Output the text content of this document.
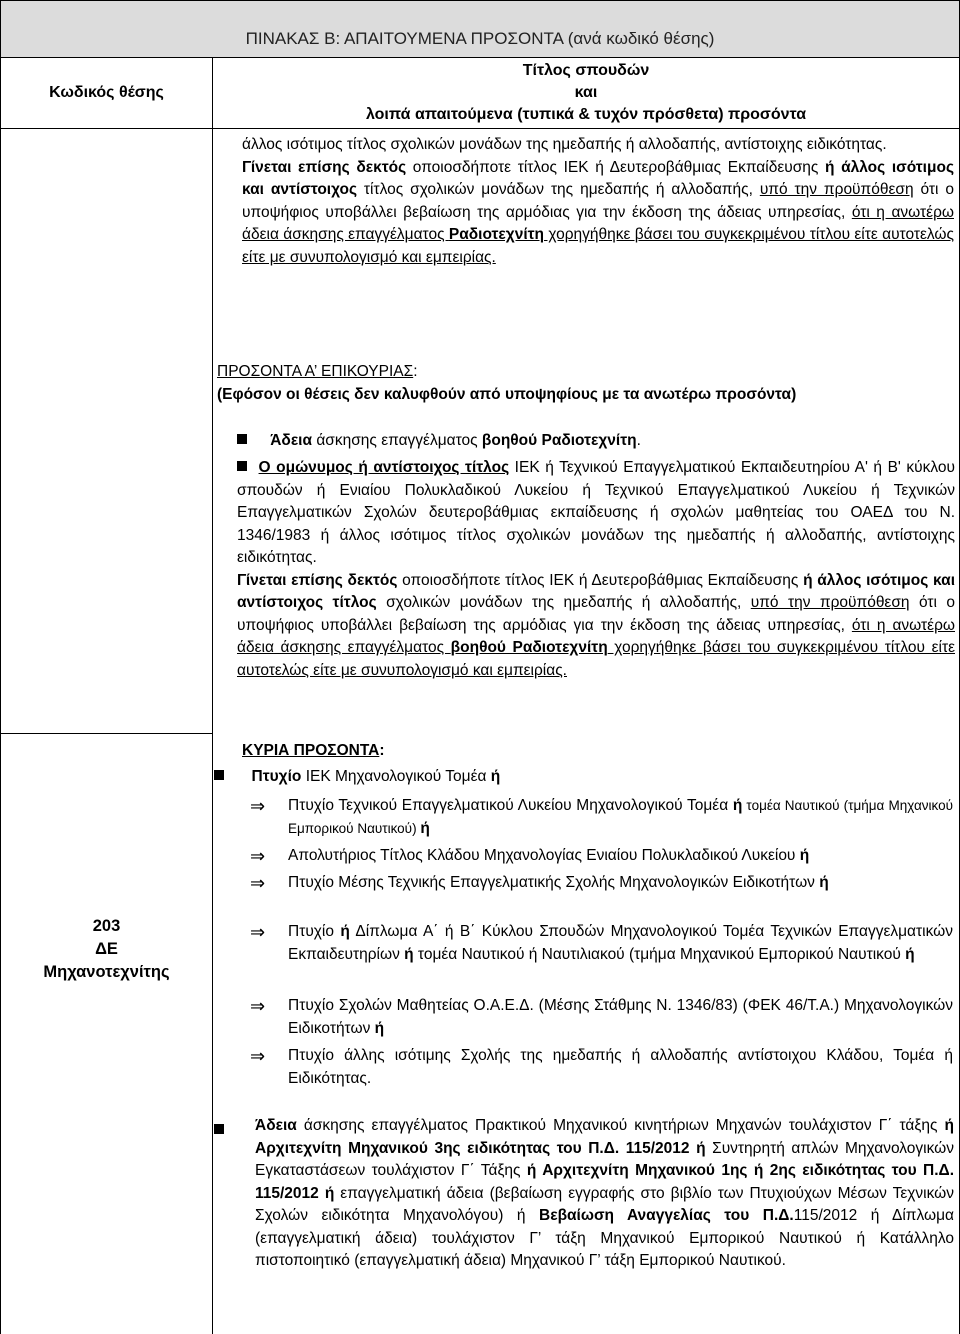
ΠΙΝΑΚΑΣ Β: ΑΠΑΙΤΟΥΜΕΝΑ ΠΡΟΣΟΝΤΑ (ανά κωδικό θέσης)
Κωδικός θέσης
Τίτλος σπουδών
και
λοιπά απαιτούμενα (τυπικά & τυχόν πρόσθετα) προσόντα

άλλος ισότιμος τίτλος σχολικών μονάδων της ημεδαπής ή αλλοδαπής, αντίστοιχης ειδικότητας.

Γίνεται επίσης δεκτός οποιοσδήποτε τίτλος ΙΕΚ ή Δευτεροβάθμιας Εκπαίδευσης ή άλλος ισότιμος και αντίστοιχος τίτλος σχολικών μονάδων της ημεδαπής ή αλλοδαπής, υπό την προϋπόθεση ότι ο υποψήφιος υποβάλλει βεβαίωση της αρμόδιας για την έκδοση της άδειας υπηρεσίας, ότι η ανωτέρω άδεια άσκησης επαγγέλματος Ραδιοτεχνίτη χορηγήθηκε βάσει του συγκεκριμένου τίτλου είτε αυτοτελώς είτε με συνυπολογισμό και εμπειρίας.

ΠΡΟΣΟΝΤΑ Α’ ΕΠΙΚΟΥΡΙΑΣ:

(Εφόσον οι θέσεις δεν καλυφθούν από υποψηφίους με τα ανωτέρω προσόντα)

Άδεια άσκησης επαγγέλματος βοηθού Ραδιοτεχνίτη.

Ο ομώνυμος ή αντίστοιχος τίτλος ΙΕΚ ή Τεχνικού Επαγγελματικού Εκπαιδευτηρίου Α' ή Β' κύκλου σπουδών ή Ενιαίου Πολυκλαδικού Λυκείου ή Τεχνικού Επαγγελματικού Λυκείου ή Τεχνικών Επαγγελματικών Σχολών δευτεροβάθμιας εκπαίδευσης ή σχολών μαθητείας του ΟΑΕΔ του Ν. 1346/1983 ή άλλος ισότιμος τίτλος σχολικών μονάδων της ημεδαπής ή αλλοδαπής, αντίστοιχης ειδικότητας.

Γίνεται επίσης δεκτός οποιοσδήποτε τίτλος ΙΕΚ ή Δευτεροβάθμιας Εκπαίδευσης ή άλλος ισότιμος και αντίστοιχος τίτλος σχολικών μονάδων της ημεδαπής ή αλλοδαπής, υπό την προϋπόθεση ότι ο υποψήφιος υποβάλλει βεβαίωση της αρμόδιας για την έκδοση της άδειας υπηρεσίας, ότι η ανωτέρω άδεια άσκησης επαγγέλματος βοηθού Ραδιοτεχνίτη χορηγήθηκε βάσει του συγκεκριμένου τίτλου είτε αυτοτελώς είτε με συνυπολογισμό και εμπειρίας.

203
ΔΕ
Μηχανοτεχνίτης

ΚΥΡΙΑ ΠΡΟΣΟΝΤΑ:

Πτυχίο ΙΕΚ Μηχανολογικού Τομέα ή

⇒ Πτυχίο Τεχνικού Επαγγελματικού Λυκείου Μηχανολογικού Τομέα ή τομέα Ναυτικού (τμήμα Μηχανικού Εμπορικού Ναυτικού) ή

⇒ Απολυτήριος Τίτλος Κλάδου Μηχανολογίας Ενιαίου Πολυκλαδικού Λυκείου ή

⇒ Πτυχίο Μέσης Τεχνικής Επαγγελματικής Σχολής Μηχανολογικών Ειδικοτήτων ή

⇒ Πτυχίο ή Δίπλωμα Α΄ ή Β΄ Κύκλου Σπουδών Μηχανολογικού Τομέα Τεχνικών Επαγγελματικών Εκπαιδευτηρίων ή τομέα Ναυτικού ή Ναυτιλιακού (τμήμα Μηχανικού Εμπορικού Ναυτικού ή

⇒ Πτυχίο Σχολών Μαθητείας Ο.Α.Ε.Δ. (Μέσης Στάθμης Ν. 1346/83) (ΦΕΚ 46/Τ.Α.) Μηχανολογικών Ειδικοτήτων ή

⇒ Πτυχίο άλλης ισότιμης Σχολής της ημεδαπής ή αλλοδαπής αντίστοιχου Κλάδου, Τομέα ή Ειδικότητας.

Άδεια άσκησης επαγγέλματος Πρακτικού Μηχανικού κινητήριων Μηχανών τουλάχιστον Γ΄ τάξης ή Αρχιτεχνίτη Μηχανικού 3ης ειδικότητας του Π.Δ. 115/2012 ή Συντηρητή απλών Μηχανολογικών Εγκαταστάσεων τουλάχιστον Γ΄ Τάξης ή Αρχιτεχνίτη Μηχανικού 1ης ή 2ης ειδικότητας του Π.Δ. 115/2012 ή επαγγελματική άδεια (βεβαίωση εγγραφής στο βιβλίο των Πτυχιούχων Μέσων Τεχνικών Σχολών ειδικότητα Μηχανολόγου) ή Βεβαίωση Αναγγελίας του Π.Δ.115/2012 ή Δίπλωμα (επαγγελματική άδεια) τουλάχιστον Γ’ τάξη Μηχανικού Εμπορικού Ναυτικού ή Κατάλληλο πιστοποιητικό (επαγγελματική άδεια) Μηχανικού Γ’ τάξη Εμπορικού Ναυτικού.
